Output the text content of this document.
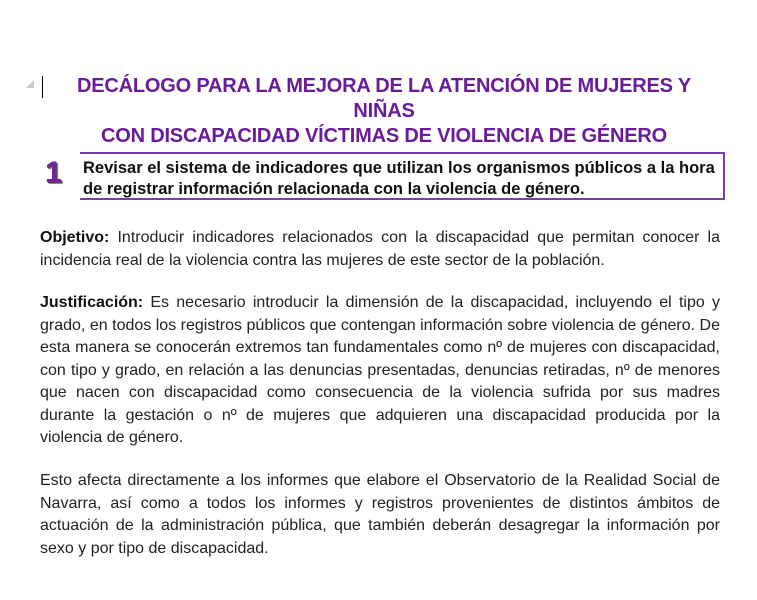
DECÁLOGO PARA LA MEJORA DE LA ATENCIÓN DE MUJERES Y NIÑAS
CON DISCAPACIDAD VÍCTIMAS DE VIOLENCIA DE GÉNERO
1 Revisar el sistema de indicadores que utilizan los organismos públicos a la hora de registrar información relacionada con la violencia de género.

Objetivo: Introducir indicadores relacionados con la discapacidad que permitan conocer la incidencia real de la violencia contra las mujeres de este sector de la población.

Justificación: Es necesario introducir la dimensión de la discapacidad, incluyendo el tipo y grado, en todos los registros públicos que contengan información sobre violencia de género. De esta manera se conocerán extremos tan fundamentales como nº de mujeres con discapacidad, con tipo y grado, en relación a las denuncias presentadas, denuncias retiradas, nº de menores que nacen con discapacidad como consecuencia de la violencia sufrida por sus madres durante la gestación o nº de mujeres que adquieren una discapacidad producida por la violencia de género.

Esto afecta directamente a los informes que elabore el Observatorio de la Realidad Social de Navarra, así como a todos los informes y registros provenientes de distintos ámbitos de actuación de la administración pública, que también deberán desagregar la información por sexo y por tipo de discapacidad.
